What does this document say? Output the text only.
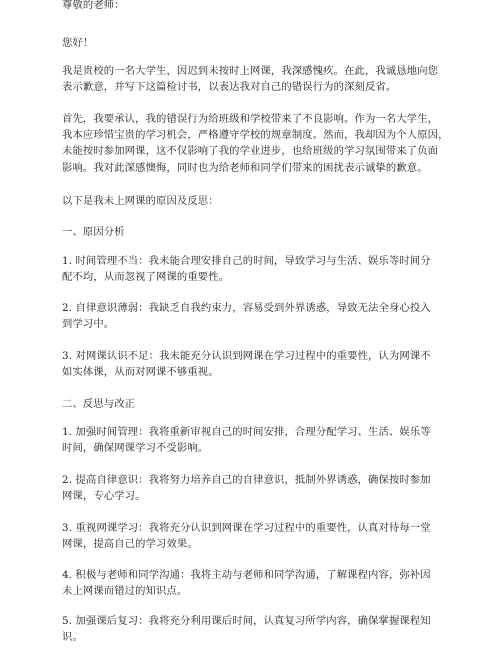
尊敬的老师：

您好！

我是贵校的一名大学生，因迟到未按时上网课，我深感愧疚。在此，我诚恳地向您
表示歉意，并写下这篇检讨书，以表达我对自己的错误行为的深刻反省。

首先，我要承认，我的错误行为给班级和学校带来了不良影响。作为一名大学生，
我本应珍惜宝贵的学习机会，严格遵守学校的规章制度。然而，我却因为个人原因，
未能按时参加网课，这不仅影响了我的学业进步，也给班级的学习氛围带来了负面
影响。我对此深感懊悔，同时也为给老师和同学们带来的困扰表示诚挚的歉意。

以下是我未上网课的原因及反思：

一、原因分析

1. 时间管理不当：我未能合理安排自己的时间，导致学习与生活、娱乐等时间分
配不均，从而忽视了网课的重要性。

2. 自律意识薄弱：我缺乏自我约束力，容易受到外界诱惑，导致无法全身心投入
到学习中。

3. 对网课认识不足：我未能充分认识到网课在学习过程中的重要性，认为网课不
如实体课，从而对网课不够重视。

二、反思与改正

1. 加强时间管理：我将重新审视自己的时间安排，合理分配学习、生活、娱乐等
时间，确保网课学习不受影响。

2. 提高自律意识：我将努力培养自己的自律意识，抵制外界诱惑，确保按时参加
网课，专心学习。

3. 重视网课学习：我将充分认识到网课在学习过程中的重要性，认真对待每一堂
网课，提高自己的学习效果。

4. 积极与老师和同学沟通：我将主动与老师和同学沟通，了解课程内容，弥补因
未上网课而错过的知识点。

5. 加强课后复习：我将充分利用课后时间，认真复习所学内容，确保掌握课程知
识。
